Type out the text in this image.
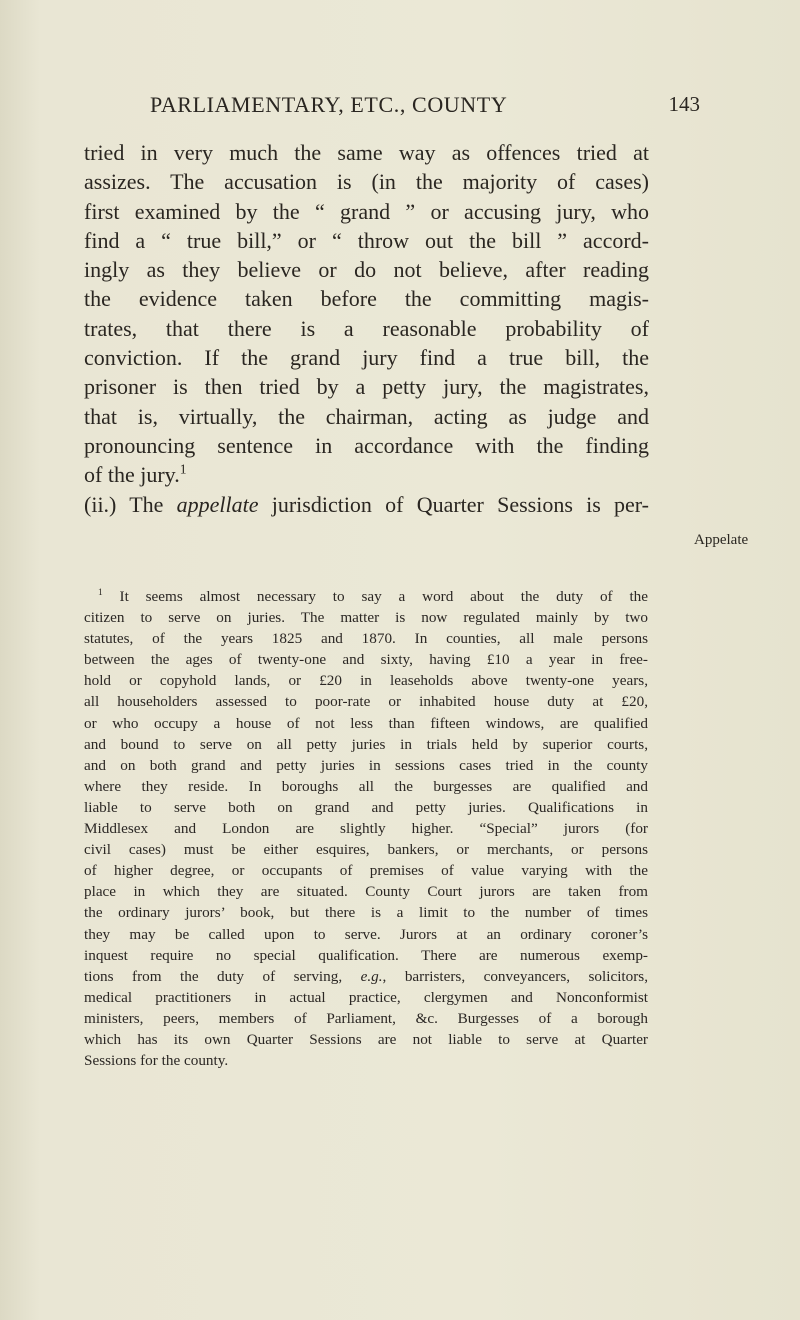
PARLIAMENTARY, ETC., COUNTY	143
tried in very much the same way as offences tried at
assizes. The accusation is (in the majority of cases)
first examined by the “ grand ” or accusing jury, who
find a “ true bill,” or “ throw out the bill ” accord-
ingly as they believe or do not believe, after reading
the evidence taken before the committing magis-
trates, that there is a reasonable probability of
conviction. If the grand jury find a true bill, the
prisoner is then tried by a petty jury, the magistrates,
that is, virtually, the chairman, acting as judge and
pronouncing sentence in accordance with the finding
of the jury.$^1$
(ii.) The appellate jurisdiction of Quarter Sessions is per-
Appelate
$^1$ It seems almost necessary to say a word about the duty of the
citizen to serve on juries. The matter is now regulated mainly by two
statutes, of the years 1825 and 1870. In counties, all male persons
between the ages of twenty-one and sixty, having £10 a year in free-
hold or copyhold lands, or £20 in leaseholds above twenty-one years,
all householders assessed to poor-rate or inhabited house duty at £20,
or who occupy a house of not less than fifteen windows, are qualified
and bound to serve on all petty juries in trials held by superior courts,
and on both grand and petty juries in sessions cases tried in the county
where they reside. In boroughs all the burgesses are qualified and
liable to serve both on grand and petty juries. Qualifications in
Middlesex and London are slightly higher. “Special” jurors (for
civil cases) must be either esquires, bankers, or merchants, or persons
of higher degree, or occupants of premises of value varying with the
place in which they are situated. County Court jurors are taken from
the ordinary jurors’ book, but there is a limit to the number of times
they may be called upon to serve. Jurors at an ordinary coroner’s
inquest require no special qualification. There are numerous exemp-
tions from the duty of serving, e.g., barristers, conveyancers, solicitors,
medical practitioners in actual practice, clergymen and Nonconformist
ministers, peers, members of Parliament, &c. Burgesses of a borough
which has its own Quarter Sessions are not liable to serve at Quarter
Sessions for the county.
